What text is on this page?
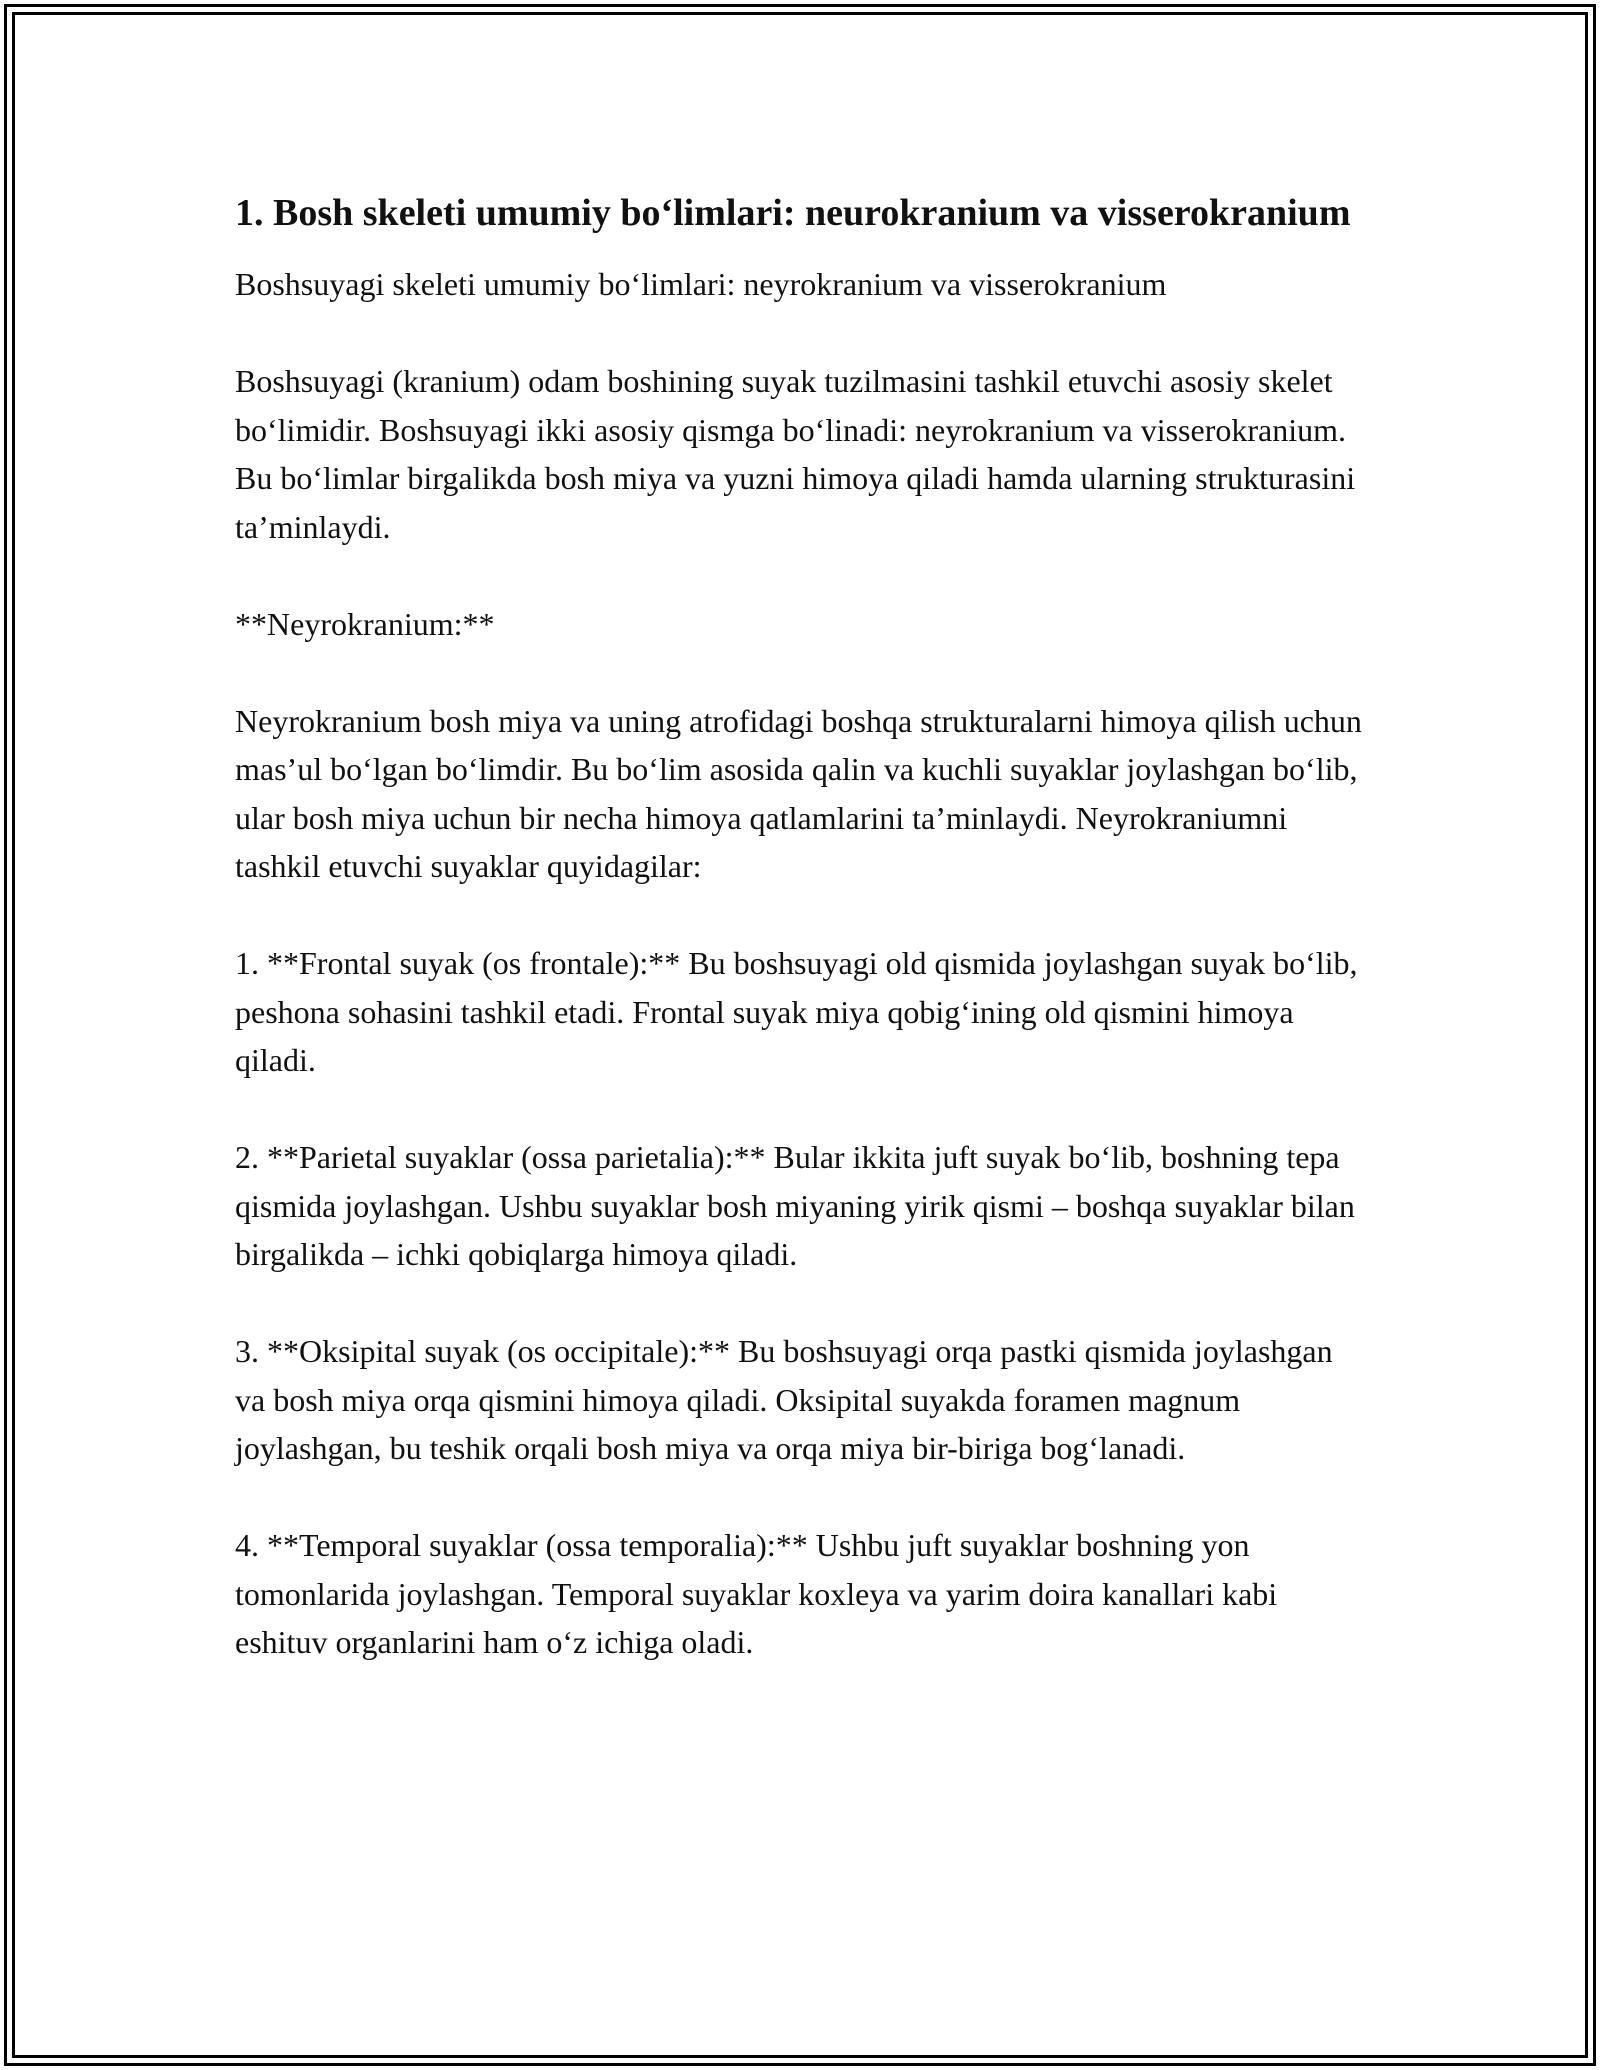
1. Bosh skeleti umumiy bo‘limlari: neurokranium va visserokranium

Boshsuyagi skeleti umumiy bo‘limlari: neyrokranium va visserokranium

Boshsuyagi (kranium) odam boshining suyak tuzilmasini tashkil etuvchi asosiy skelet bo‘limidir. Boshsuyagi ikki asosiy qismga bo‘linadi: neyrokranium va visserokranium. Bu bo‘limlar birgalikda bosh miya va yuzni himoya qiladi hamda ularning strukturasini ta’minlaydi.

**Neyrokranium:**

Neyrokranium bosh miya va uning atrofidagi boshqa strukturalarni himoya qilish uchun mas’ul bo‘lgan bo‘limdir. Bu bo‘lim asosida qalin va kuchli suyaklar joylashgan bo‘lib, ular bosh miya uchun bir necha himoya qatlamlarini ta’minlaydi. Neyrokraniumni tashkil etuvchi suyaklar quyidagilar:

1. **Frontal suyak (os frontale):** Bu boshsuyagi old qismida joylashgan suyak bo‘lib, peshona sohasini tashkil etadi. Frontal suyak miya qobig‘ining old qismini himoya qiladi.

2. **Parietal suyaklar (ossa parietalia):** Bular ikkita juft suyak bo‘lib, boshning tepa qismida joylashgan. Ushbu suyaklar bosh miyaning yirik qismi – boshqa suyaklar bilan birgalikda – ichki qobiqlarga himoya qiladi.

3. **Oksipital suyak (os occipitale):** Bu boshsuyagi orqa pastki qismida joylashgan va bosh miya orqa qismini himoya qiladi. Oksipital suyakda foramen magnum joylashgan, bu teshik orqali bosh miya va orqa miya bir-biriga bog‘lanadi.

4. **Temporal suyaklar (ossa temporalia):** Ushbu juft suyaklar boshning yon tomonlarida joylashgan. Temporal suyaklar koxleya va yarim doira kanallari kabi eshituv organlarini ham o‘z ichiga oladi.
